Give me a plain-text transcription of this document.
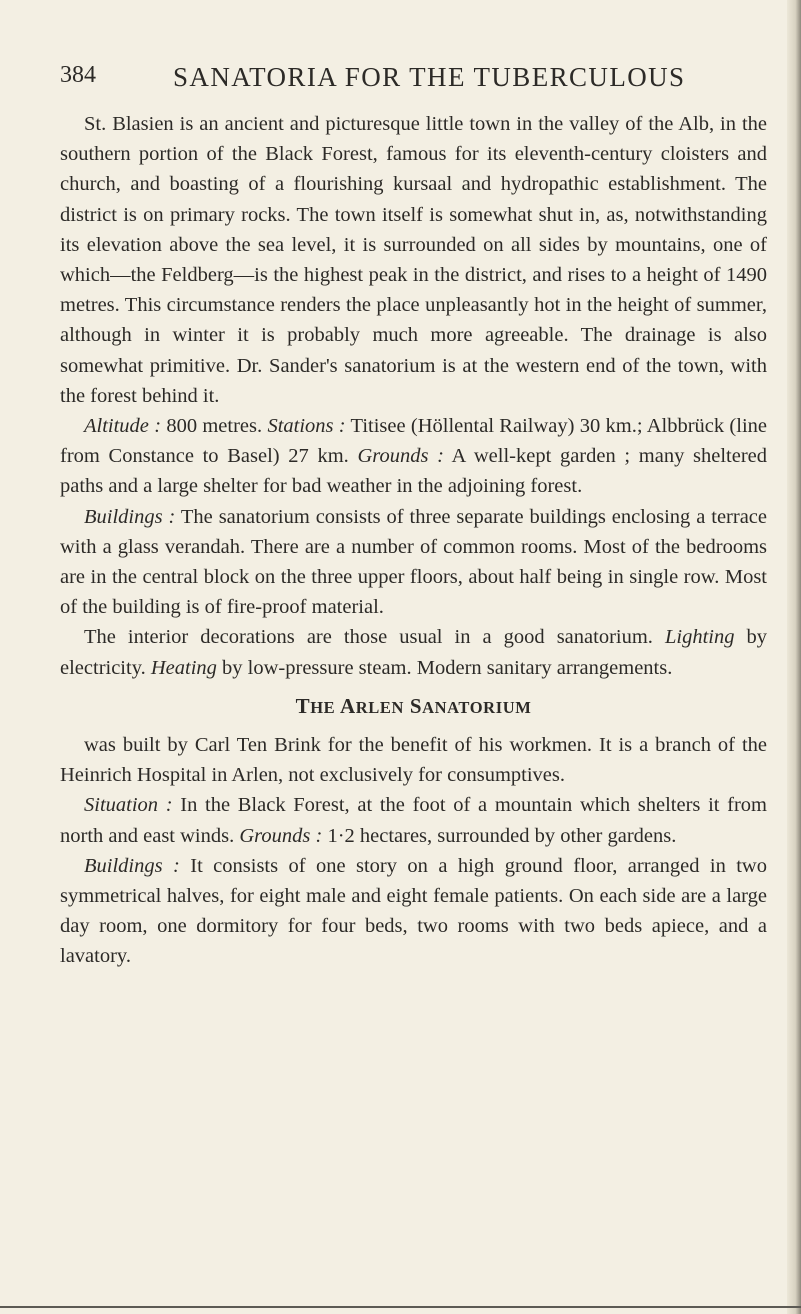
384	SANATORIA FOR THE TUBERCULOUS

St. Blasien is an ancient and picturesque little town in the valley of the Alb, in the southern portion of the Black Forest, famous for its eleventh-century cloisters and church, and boasting of a flourishing kursaal and hydropathic establishment. The district is on primary rocks. The town itself is somewhat shut in, as, notwithstanding its elevation above the sea level, it is surrounded on all sides by mountains, one of which—the Feldberg—is the highest peak in the district, and rises to a height of 1490 metres. This circumstance renders the place unpleasantly hot in the height of summer, although in winter it is probably much more agreeable. The drainage is also somewhat primitive. Dr. Sander's sanatorium is at the western end of the town, with the forest behind it.

Altitude : 800 metres. Stations : Titisee (Höllental Railway) 30 km.; Albbrück (line from Constance to Basel) 27 km. Grounds : A well-kept garden ; many sheltered paths and a large shelter for bad weather in the adjoining forest.

Buildings : The sanatorium consists of three separate buildings enclosing a terrace with a glass verandah. There are a number of common rooms. Most of the bedrooms are in the central block on the three upper floors, about half being in single row. Most of the building is of fire-proof material.

The interior decorations are those usual in a good sanatorium. Lighting by electricity. Heating by low-pressure steam. Modern sanitary arrangements.

THE ARLEN SANATORIUM

was built by Carl Ten Brink for the benefit of his workmen. It is a branch of the Heinrich Hospital in Arlen, not exclusively for consumptives.

Situation : In the Black Forest, at the foot of a mountain which shelters it from north and east winds. Grounds : 1·2 hectares, surrounded by other gardens.

Buildings : It consists of one story on a high ground floor, arranged in two symmetrical halves, for eight male and eight female patients. On each side are a large day room, one dormitory for four beds, two rooms with two beds apiece, and a lavatory.
